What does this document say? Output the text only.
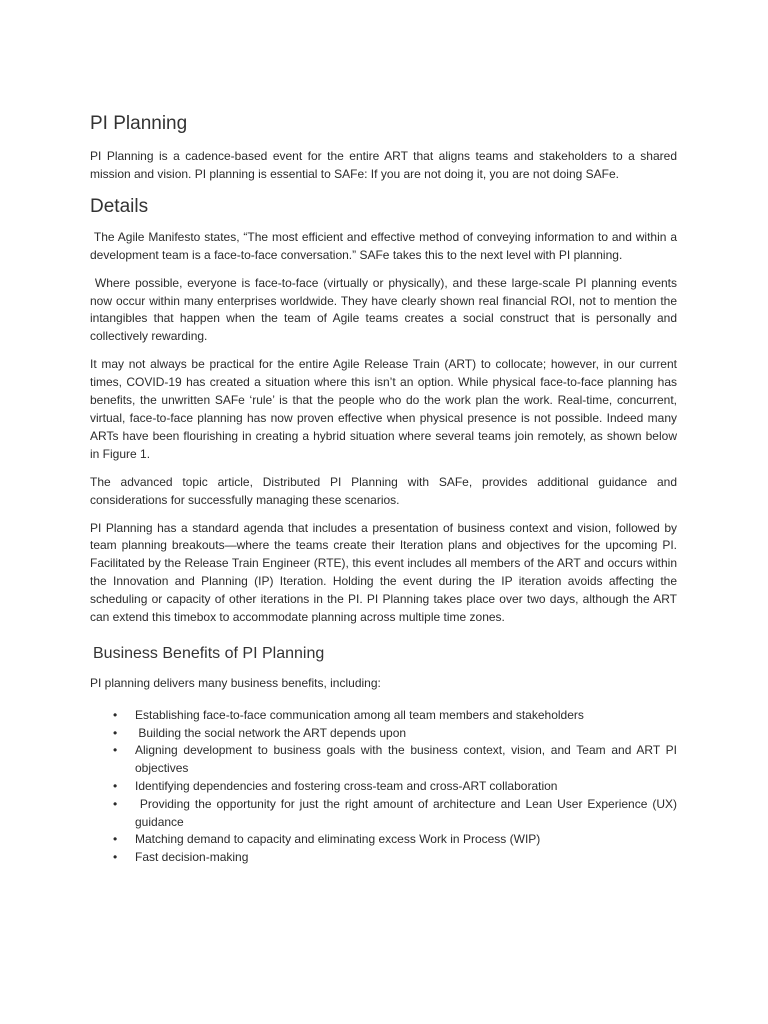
PI Planning

PI Planning is a cadence-based event for the entire ART that aligns teams and stakeholders to a shared mission and vision. PI planning is essential to SAFe: If you are not doing it, you are not doing SAFe.

Details

The Agile Manifesto states, “The most efficient and effective method of conveying information to and within a development team is a face-to-face conversation.” SAFe takes this to the next level with PI planning.

Where possible, everyone is face-to-face (virtually or physically), and these large-scale PI planning events now occur within many enterprises worldwide. They have clearly shown real financial ROI, not to mention the intangibles that happen when the team of Agile teams creates a social construct that is personally and collectively rewarding.

It may not always be practical for the entire Agile Release Train (ART) to collocate; however, in our current times, COVID-19 has created a situation where this isn’t an option. While physical face-to-face planning has benefits, the unwritten SAFe ‘rule’ is that the people who do the work plan the work. Real-time, concurrent, virtual, face-to-face planning has now proven effective when physical presence is not possible. Indeed many ARTs have been flourishing in creating a hybrid situation where several teams join remotely, as shown below in Figure 1.

The advanced topic article, Distributed PI Planning with SAFe, provides additional guidance and considerations for successfully managing these scenarios.

PI Planning has a standard agenda that includes a presentation of business context and vision, followed by team planning breakouts—where the teams create their Iteration plans and objectives for the upcoming PI. Facilitated by the Release Train Engineer (RTE), this event includes all members of the ART and occurs within the Innovation and Planning (IP) Iteration. Holding the event during the IP iteration avoids affecting the scheduling or capacity of other iterations in the PI. PI Planning takes place over two days, although the ART can extend this timebox to accommodate planning across multiple time zones.

Business Benefits of PI Planning

PI planning delivers many business benefits, including:

•	Establishing face-to-face communication among all team members and stakeholders
•	Building the social network the ART depends upon
•	Aligning development to business goals with the business context, vision, and Team and ART PI objectives
•	Identifying dependencies and fostering cross-team and cross-ART collaboration
•	Providing the opportunity for just the right amount of architecture and Lean User Experience (UX) guidance
•	Matching demand to capacity and eliminating excess Work in Process (WIP)
•	Fast decision-making
